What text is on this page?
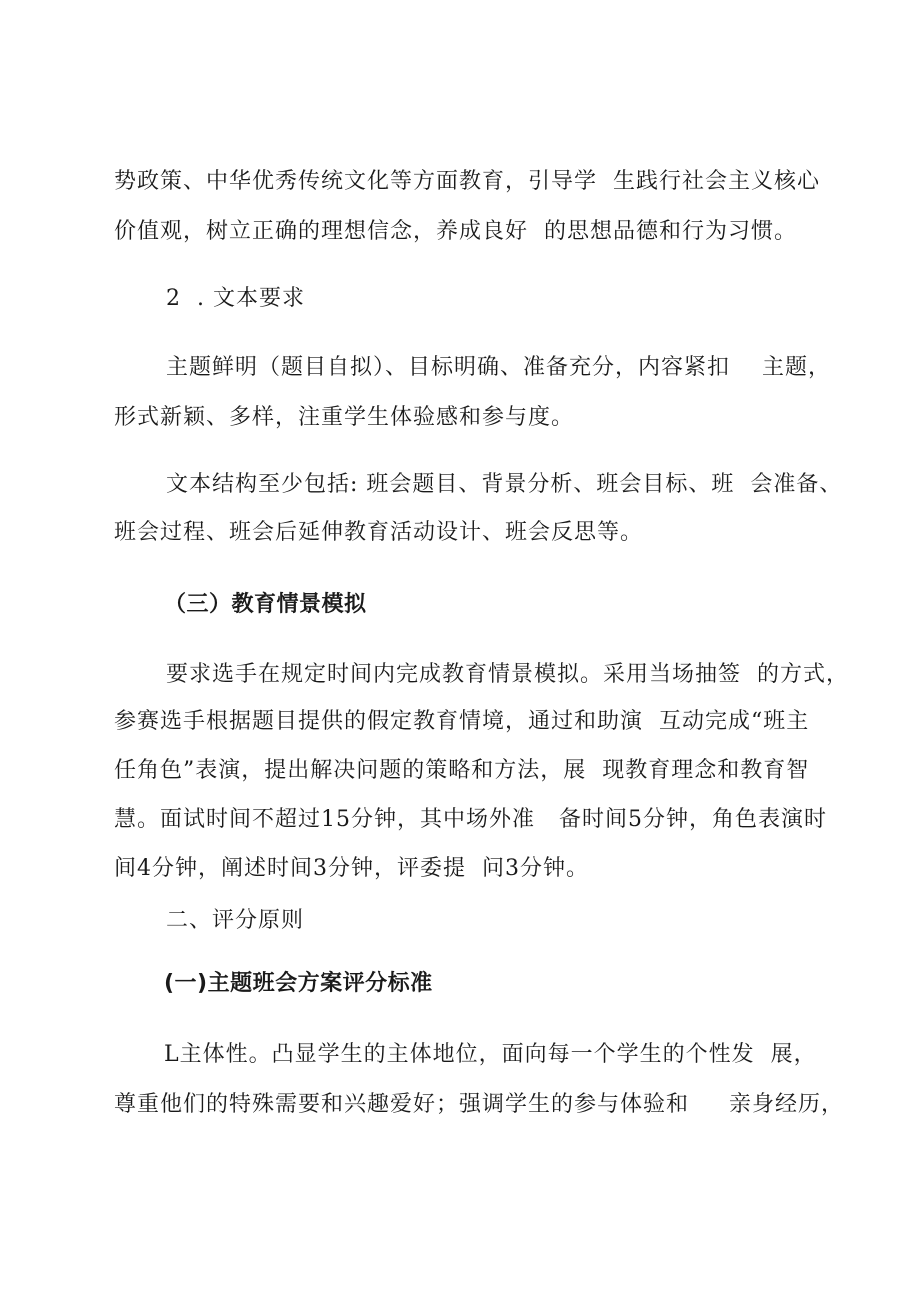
势政策、中华优秀传统文化等方面教育，引导学  生践行社会主义核心
价值观，树立正确的理想信念，养成良好  的思想品德和行为习惯。
2  . 文本要求
主题鲜明（题目自拟）、目标明确、准备充分，内容紧扣    主题，
形式新颖、多样，注重学生体验感和参与度。
文本结构至少包括: 班会题目、背景分析、班会目标、班  会准备、
班会过程、班会后延伸教育活动设计、班会反思等。
（三）教育情景模拟
要求选手在规定时间内完成教育情景模拟。采用当场抽签  的方式，
参赛选手根据题目提供的假定教育情境，通过和助演  互动完成“班主
任角色”表演，提出解决问题的策略和方法，展  现教育理念和教育智
慧。面试时间不超过15分钟，其中场外准   备时间5分钟，角色表演时
间4分钟，阐述时间3分钟，评委提  问3分钟。
二、评分原则
(一)主题班会方案评分标准
L主体性。凸显学生的主体地位，面向每一个学生的个性发  展，
尊重他们的特殊需要和兴趣爱好；强调学生的参与体验和     亲身经历，
